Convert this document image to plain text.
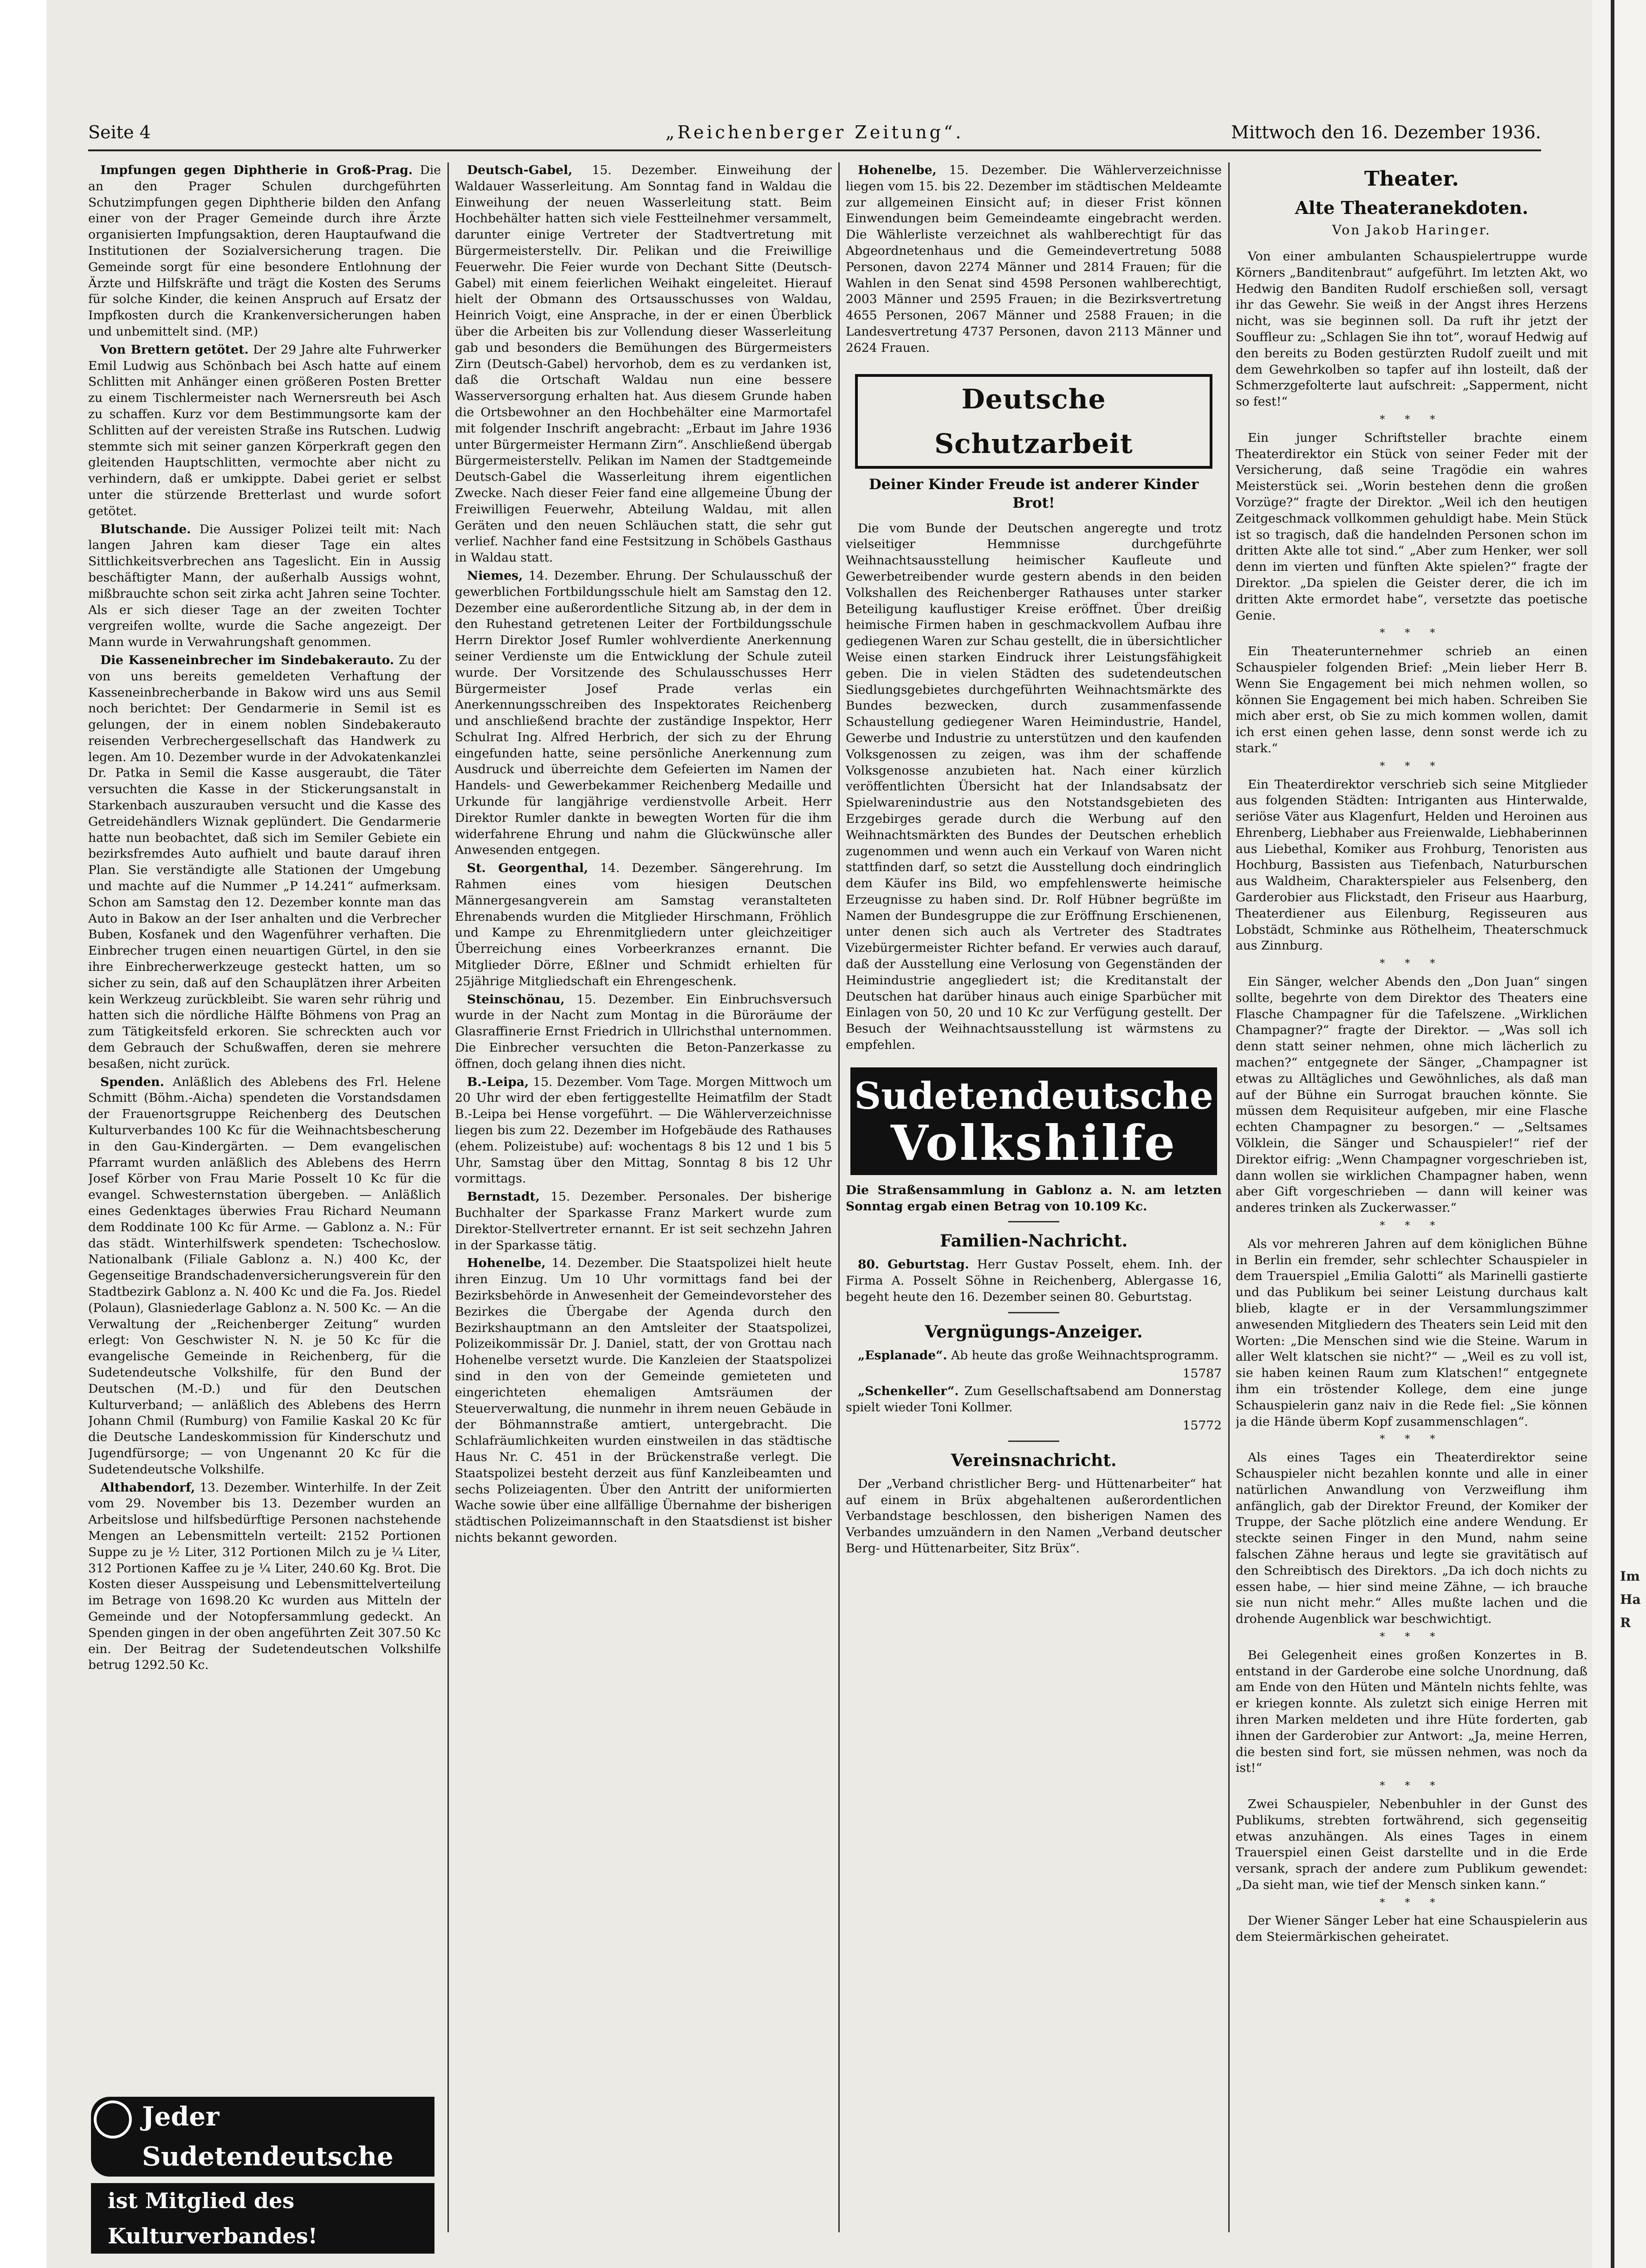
Im
Ha
R
Seite 4	„Reichenberger Zeitung“.	Mittwoch den 16. Dezember 1936.

Impfungen gegen Diphtherie in Groß-Prag. Die an den Prager Schulen durchgeführten Schutzimpfungen gegen Diphtherie bilden den Anfang einer von der Prager Gemeinde durch ihre Ärzte organisierten Impfungsaktion, deren Hauptaufwand die Institutionen der Sozialversicherung tragen. Die Gemeinde sorgt für eine besondere Entlohnung der Ärzte und Hilfskräfte und trägt die Kosten des Serums für solche Kinder, die keinen Anspruch auf Ersatz der Impfkosten durch die Krankenversicherungen haben und unbemittelt sind. (MP.)

Von Brettern getötet. Der 29 Jahre alte Fuhrwerker Emil Ludwig aus Schönbach bei Asch hatte auf einem Schlitten mit Anhänger einen größeren Posten Bretter zu einem Tischlermeister nach Wernersreuth bei Asch zu schaffen. Kurz vor dem Bestimmungsorte kam der Schlitten auf der vereisten Straße ins Rutschen. Ludwig stemmte sich mit seiner ganzen Körperkraft gegen den gleitenden Hauptschlitten, vermochte aber nicht zu verhindern, daß er umkippte. Dabei geriet er selbst unter die stürzende Bretterlast und wurde sofort getötet.

Blutschande. Die Aussiger Polizei teilt mit: Nach langen Jahren kam dieser Tage ein altes Sittlichkeitsverbrechen ans Tageslicht. Ein in Aussig beschäftigter Mann, der außerhalb Aussigs wohnt, mißbrauchte schon seit zirka acht Jahren seine Tochter. Als er sich dieser Tage an der zweiten Tochter vergreifen wollte, wurde die Sache angezeigt. Der Mann wurde in Verwahrungshaft genommen.

Die Kasseneinbrecher im Sindebakerauto. Zu der von uns bereits gemeldeten Verhaftung der Kasseneinbrecherbande in Bakow wird uns aus Semil noch berichtet: Der Gendarmerie in Semil ist es gelungen, der in einem noblen Sindebakerauto reisenden Verbrechergesellschaft das Handwerk zu legen. Am 10. Dezember wurde in der Advokatenkanzlei Dr. Patka in Semil die Kasse ausgeraubt, die Täter versuchten die Kasse in der Stickerungsanstalt in Starkenbach auszurauben versucht und die Kasse des Getreidehändlers Wiznak geplündert. Die Gendarmerie hatte nun beobachtet, daß sich im Semiler Gebiete ein bezirksfremdes Auto aufhielt und baute darauf ihren Plan. Sie verständigte alle Stationen der Umgebung und machte auf die Nummer „P 14.241“ aufmerksam. Schon am Samstag den 12. Dezember konnte man das Auto in Bakow an der Iser anhalten und die Verbrecher Buben, Kosfanek und den Wagenführer verhaften. Die Einbrecher trugen einen neuartigen Gürtel, in den sie ihre Einbrecherwerkzeuge gesteckt hatten, um so sicher zu sein, daß auf den Schauplätzen ihrer Arbeiten kein Werkzeug zurückbleibt. Sie waren sehr rührig und hatten sich die nördliche Hälfte Böhmens von Prag an zum Tätigkeitsfeld erkoren. Sie schreckten auch vor dem Gebrauch der Schußwaffen, deren sie mehrere besaßen, nicht zurück.

Spenden. Anläßlich des Ablebens des Frl. Helene Schmitt (Böhm.-Aicha) spendeten die Vorstandsdamen der Frauenortsgruppe Reichenberg des Deutschen Kulturverbandes 100 Kc für die Weihnachtsbescherung in den Gau-Kindergärten. — Dem evangelischen Pfarramt wurden anläßlich des Ablebens des Herrn Josef Körber von Frau Marie Posselt 10 Kc für die evangel. Schwesternstation übergeben. — Anläßlich eines Gedenktages überwies Frau Richard Neumann dem Roddinate 100 Kc für Arme. — Gablonz a. N.: Für das städt. Winterhilfswerk spendeten: Tschechoslow. Nationalbank (Filiale Gablonz a. N.) 400 Kc, der Gegenseitige Brandschadenversicherungsverein für den Stadtbezirk Gablonz a. N. 400 Kc und die Fa. Jos. Riedel (Polaun), Glasniederlage Gablonz a. N. 500 Kc. — An die Verwaltung der „Reichenberger Zeitung“ wurden erlegt: Von Geschwister N. N. je 50 Kc für die evangelische Gemeinde in Reichenberg, für die Sudetendeutsche Volkshilfe, für den Bund der Deutschen (M.-D.) und für den Deutschen Kulturverband; — anläßlich des Ablebens des Herrn Johann Chmil (Rumburg) von Familie Kaskal 20 Kc für die Deutsche Landeskommission für Kinderschutz und Jugendfürsorge; — von Ungenannt 20 Kc für die Sudetendeutsche Volkshilfe.

Althabendorf, 13. Dezember. Winterhilfe. In der Zeit vom 29. November bis 13. Dezember wurden an Arbeitslose und hilfsbedürftige Personen nachstehende Mengen an Lebensmitteln verteilt: 2152 Portionen Suppe zu je ½ Liter, 312 Portionen Milch zu je ¼ Liter, 312 Portionen Kaffee zu je ¼ Liter, 240.60 Kg. Brot. Die Kosten dieser Ausspeisung und Lebensmittelverteilung im Betrage von 1698.20 Kc wurden aus Mitteln der Gemeinde und der Notopfersammlung gedeckt. An Spenden gingen in der oben angeführten Zeit 307.50 Kc ein. Der Beitrag der Sudetendeutschen Volkshilfe betrug 1292.50 Kc.

Jeder Sudetendeutsche
ist Mitglied des Kulturverbandes!

Deutsch-Gabel, 15. Dezember. Einweihung der Waldauer Wasserleitung. Am Sonntag fand in Waldau die Einweihung der neuen Wasserleitung statt. Beim Hochbehälter hatten sich viele Festteilnehmer versammelt, darunter einige Vertreter der Stadtvertretung mit Bürgermeisterstellv. Dir. Pelikan und die Freiwillige Feuerwehr. Die Feier wurde von Dechant Sitte (Deutsch-Gabel) mit einem feierlichen Weihakt eingeleitet. Hierauf hielt der Obmann des Ortsausschusses von Waldau, Heinrich Voigt, eine Ansprache, in der er einen Überblick über die Arbeiten bis zur Vollendung dieser Wasserleitung gab und besonders die Bemühungen des Bürgermeisters Zirn (Deutsch-Gabel) hervorhob, dem es zu verdanken ist, daß die Ortschaft Waldau nun eine bessere Wasserversorgung erhalten hat. Aus diesem Grunde haben die Ortsbewohner an den Hochbehälter eine Marmortafel mit folgender Inschrift angebracht: „Erbaut im Jahre 1936 unter Bürgermeister Hermann Zirn“. Anschließend übergab Bürgermeisterstellv. Pelikan im Namen der Stadtgemeinde Deutsch-Gabel die Wasserleitung ihrem eigentlichen Zwecke. Nach dieser Feier fand eine allgemeine Übung der Freiwilligen Feuerwehr, Abteilung Waldau, mit allen Geräten und den neuen Schläuchen statt, die sehr gut verlief. Nachher fand eine Festsitzung in Schöbels Gasthaus in Waldau statt.

Niemes, 14. Dezember. Ehrung. Der Schulausschuß der gewerblichen Fortbildungsschule hielt am Samstag den 12. Dezember eine außerordentliche Sitzung ab, in der dem in den Ruhestand getretenen Leiter der Fortbildungsschule Herrn Direktor Josef Rumler wohlverdiente Anerkennung seiner Verdienste um die Entwicklung der Schule zuteil wurde. Der Vorsitzende des Schulausschusses Herr Bürgermeister Josef Prade verlas ein Anerkennungsschreiben des Inspektorates Reichenberg und anschließend brachte der zuständige Inspektor, Herr Schulrat Ing. Alfred Herbrich, der sich zu der Ehrung eingefunden hatte, seine persönliche Anerkennung zum Ausdruck und überreichte dem Gefeierten im Namen der Handels- und Gewerbekammer Reichenberg Medaille und Urkunde für langjährige verdienstvolle Arbeit. Herr Direktor Rumler dankte in bewegten Worten für die ihm widerfahrene Ehrung und nahm die Glückwünsche aller Anwesenden entgegen.

St. Georgenthal, 14. Dezember. Sängerehrung. Im Rahmen eines vom hiesigen Deutschen Männergesangverein am Samstag veranstalteten Ehrenabends wurden die Mitglieder Hirschmann, Fröhlich und Kampe zu Ehrenmitgliedern unter gleichzeitiger Überreichung eines Vorbeerkranzes ernannt. Die Mitglieder Dörre, Eßlner und Schmidt erhielten für 25jährige Mitgliedschaft ein Ehrengeschenk.

Steinschönau, 15. Dezember. Ein Einbruchsversuch wurde in der Nacht zum Montag in die Büroräume der Glasraffinerie Ernst Friedrich in Ullrichsthal unternommen. Die Einbrecher versuchten die Beton-Panzerkasse zu öffnen, doch gelang ihnen dies nicht.

B.-Leipa, 15. Dezember. Vom Tage. Morgen Mittwoch um 20 Uhr wird der eben fertiggestellte Heimatfilm der Stadt B.-Leipa bei Hense vorgeführt. — Die Wählerverzeichnisse liegen bis zum 22. Dezember im Hofgebäude des Rathauses (ehem. Polizeistube) auf: wochentags 8 bis 12 und 1 bis 5 Uhr, Samstag über den Mittag, Sonntag 8 bis 12 Uhr vormittags.

Bernstadt, 15. Dezember. Personales. Der bisherige Buchhalter der Sparkasse Franz Markert wurde zum Direktor-Stellvertreter ernannt. Er ist seit sechzehn Jahren in der Sparkasse tätig.

Hohenelbe, 14. Dezember. Die Staatspolizei hielt heute ihren Einzug. Um 10 Uhr vormittags fand bei der Bezirksbehörde in Anwesenheit der Gemeindevorsteher des Bezirkes die Übergabe der Agenda durch den Bezirkshauptmann an den Amtsleiter der Staatspolizei, Polizeikommissär Dr. J. Daniel, statt, der von Grottau nach Hohenelbe versetzt wurde. Die Kanzleien der Staatspolizei sind in den von der Gemeinde gemieteten und eingerichteten ehemaligen Amtsräumen der Steuerverwaltung, die nunmehr in ihrem neuen Gebäude in der Böhmannstraße amtiert, untergebracht. Die Schlafräumlichkeiten wurden einstweilen in das städtische Haus Nr. C. 451 in der Brückenstraße verlegt. Die Staatspolizei besteht derzeit aus fünf Kanzleibeamten und sechs Polizeiagenten. Über den Antritt der uniformierten Wache sowie über eine allfällige Übernahme der bisherigen städtischen Polizeimannschaft in den Staatsdienst ist bisher nichts bekannt geworden.

Hohenelbe, 15. Dezember. Die Wählerverzeichnisse liegen vom 15. bis 22. Dezember im städtischen Meldeamte zur allgemeinen Einsicht auf; in dieser Frist können Einwendungen beim Gemeindeamte eingebracht werden. Die Wählerliste verzeichnet als wahlberechtigt für das Abgeordnetenhaus und die Gemeindevertretung 5088 Personen, davon 2274 Männer und 2814 Frauen; für die Wahlen in den Senat sind 4598 Personen wahlberechtigt, 2003 Männer und 2595 Frauen; in die Bezirksvertretung 4655 Personen, 2067 Männer und 2588 Frauen; in die Landesvertretung 4737 Personen, davon 2113 Männer und 2624 Frauen.

Deutsche Schutzarbeit
Deiner Kinder Freude ist anderer Kinder Brot!

Die vom Bunde der Deutschen angeregte und trotz vielseitiger Hemmnisse durchgeführte Weihnachtsausstellung heimischer Kaufleute und Gewerbetreibender wurde gestern abends in den beiden Volkshallen des Reichenberger Rathauses unter starker Beteiligung kauflustiger Kreise eröffnet. Über dreißig heimische Firmen haben in geschmackvollem Aufbau ihre gediegenen Waren zur Schau gestellt, die in übersichtlicher Weise einen starken Eindruck ihrer Leistungsfähigkeit geben. Die in vielen Städten des sudetendeutschen Siedlungsgebietes durchgeführten Weihnachtsmärkte des Bundes bezwecken, durch zusammenfassende Schaustellung gediegener Waren Heimindustrie, Handel, Gewerbe und Industrie zu unterstützen und den kaufenden Volksgenossen zu zeigen, was ihm der schaffende Volksgenosse anzubieten hat. Nach einer kürzlich veröffentlichten Übersicht hat der Inlandsabsatz der Spielwarenindustrie aus den Notstandsgebieten des Erzgebirges gerade durch die Werbung auf den Weihnachtsmärkten des Bundes der Deutschen erheblich zugenommen und wenn auch ein Verkauf von Waren nicht stattfinden darf, so setzt die Ausstellung doch eindringlich dem Käufer ins Bild, wo empfehlenswerte heimische Erzeugnisse zu haben sind. Dr. Rolf Hübner begrüßte im Namen der Bundesgruppe die zur Eröffnung Erschienenen, unter denen sich auch als Vertreter des Stadtrates Vizebürgermeister Richter befand. Er verwies auch darauf, daß der Ausstellung eine Verlosung von Gegenständen der Heimindustrie angegliedert ist; die Kreditanstalt der Deutschen hat darüber hinaus auch einige Sparbücher mit Einlagen von 50, 20 und 10 Kc zur Verfügung gestellt. Der Besuch der Weihnachtsausstellung ist wärmstens zu empfehlen.

Sudetendeutsche
Volkshilfe

Die Straßensammlung in Gablonz a. N. am letzten Sonntag ergab einen Betrag von 10.109 Kc.

Familien-Nachricht.

80. Geburtstag. Herr Gustav Posselt, ehem. Inh. der Firma A. Posselt Söhne in Reichenberg, Ablergasse 16, begeht heute den 16. Dezember seinen 80. Geburtstag.

Vergnügungs-Anzeiger.

„Esplanade“. Ab heute das große Weihnachtsprogramm.

15787

„Schenkeller“. Zum Gesellschaftsabend am Donnerstag spielt wieder Toni Kollmer.

15772

Vereinsnachricht.

Der „Verband christlicher Berg- und Hüttenarbeiter“ hat auf einem in Brüx abgehaltenen außerordentlichen Verbandstage beschlossen, den bisherigen Namen des Verbandes umzuändern in den Namen „Verband deutscher Berg- und Hüttenarbeiter, Sitz Brüx“.

Theater.
Alte Theateranekdoten.
Von Jakob Haringer.

Von einer ambulanten Schauspielertruppe wurde Körners „Banditenbraut“ aufgeführt. Im letzten Akt, wo Hedwig den Banditen Rudolf erschießen soll, versagt ihr das Gewehr. Sie weiß in der Angst ihres Herzens nicht, was sie beginnen soll. Da ruft ihr jetzt der Souffleur zu: „Schlagen Sie ihn tot“, worauf Hedwig auf den bereits zu Boden gestürzten Rudolf zueilt und mit dem Gewehrkolben so tapfer auf ihn losteilt, daß der Schmerzgefolterte laut aufschreit: „Sapperment, nicht so fest!“

* * *

Ein junger Schriftsteller brachte einem Theaterdirektor ein Stück von seiner Feder mit der Versicherung, daß seine Tragödie ein wahres Meisterstück sei. „Worin bestehen denn die großen Vorzüge?“ fragte der Direktor. „Weil ich den heutigen Zeitgeschmack vollkommen gehuldigt habe. Mein Stück ist so tragisch, daß die handelnden Personen schon im dritten Akte alle tot sind.“ „Aber zum Henker, wer soll denn im vierten und fünften Akte spielen?“ fragte der Direktor. „Da spielen die Geister derer, die ich im dritten Akte ermordet habe“, versetzte das poetische Genie.

* * *

Ein Theaterunternehmer schrieb an einen Schauspieler folgenden Brief: „Mein lieber Herr B. Wenn Sie Engagement bei mich nehmen wollen, so können Sie Engagement bei mich haben. Schreiben Sie mich aber erst, ob Sie zu mich kommen wollen, damit ich erst einen gehen lasse, denn sonst werde ich zu stark.“

* * *

Ein Theaterdirektor verschrieb sich seine Mitglieder aus folgenden Städten: Intriganten aus Hinterwalde, seriöse Väter aus Klagenfurt, Helden und Heroinen aus Ehrenberg, Liebhaber aus Freienwalde, Liebhaberinnen aus Liebethal, Komiker aus Frohburg, Tenoristen aus Hochburg, Bassisten aus Tiefenbach, Naturburschen aus Waldheim, Charakterspieler aus Felsenberg, den Garderobier aus Flickstadt, den Friseur aus Haarburg, Theaterdiener aus Eilenburg, Regisseuren aus Lobstädt, Schminke aus Röthelheim, Theaterschmuck aus Zinnburg.

* * *

Ein Sänger, welcher Abends den „Don Juan“ singen sollte, begehrte von dem Direktor des Theaters eine Flasche Champagner für die Tafelszene. „Wirklichen Champagner?“ fragte der Direktor. — „Was soll ich denn statt seiner nehmen, ohne mich lächerlich zu machen?“ entgegnete der Sänger, „Champagner ist etwas zu Alltägliches und Gewöhnliches, als daß man auf der Bühne ein Surrogat brauchen könnte. Sie müssen dem Requisiteur aufgeben, mir eine Flasche echten Champagner zu besorgen.“ — „Seltsames Völklein, die Sänger und Schauspieler!“ rief der Direktor eifrig: „Wenn Champagner vorgeschrieben ist, dann wollen sie wirklichen Champagner haben, wenn aber Gift vorgeschrieben — dann will keiner was anderes trinken als Zuckerwasser.“

* * *

Als vor mehreren Jahren auf dem königlichen Bühne in Berlin ein fremder, sehr schlechter Schauspieler in dem Trauerspiel „Emilia Galotti“ als Marinelli gastierte und das Publikum bei seiner Leistung durchaus kalt blieb, klagte er in der Versammlungszimmer anwesenden Mitgliedern des Theaters sein Leid mit den Worten: „Die Menschen sind wie die Steine. Warum in aller Welt klatschen sie nicht?“ — „Weil es zu voll ist, sie haben keinen Raum zum Klatschen!“ entgegnete ihm ein tröstender Kollege, dem eine junge Schauspielerin ganz naiv in die Rede fiel: „Sie können ja die Hände überm Kopf zusammenschlagen“.

* * *

Als eines Tages ein Theaterdirektor seine Schauspieler nicht bezahlen konnte und alle in einer natürlichen Anwandlung von Verzweiflung ihm anfänglich, gab der Direktor Freund, der Komiker der Truppe, der Sache plötzlich eine andere Wendung. Er steckte seinen Finger in den Mund, nahm seine falschen Zähne heraus und legte sie gravitätisch auf den Schreibtisch des Direktors. „Da ich doch nichts zu essen habe, — hier sind meine Zähne, — ich brauche sie nun nicht mehr.“ Alles mußte lachen und die drohende Augenblick war beschwichtigt.

* * *

Bei Gelegenheit eines großen Konzertes in B. entstand in der Garderobe eine solche Unordnung, daß am Ende von den Hüten und Mänteln nichts fehlte, was er kriegen konnte. Als zuletzt sich einige Herren mit ihren Marken meldeten und ihre Hüte forderten, gab ihnen der Garderobier zur Antwort: „Ja, meine Herren, die besten sind fort, sie müssen nehmen, was noch da ist!“

* * *

Zwei Schauspieler, Nebenbuhler in der Gunst des Publikums, strebten fortwährend, sich gegenseitig etwas anzuhängen. Als eines Tages in einem Trauerspiel einen Geist darstellte und in die Erde versank, sprach der andere zum Publikum gewendet: „Da sieht man, wie tief der Mensch sinken kann.“

* * *

Der Wiener Sänger Leber hat eine Schauspielerin aus dem Steiermärkischen geheiratet.
